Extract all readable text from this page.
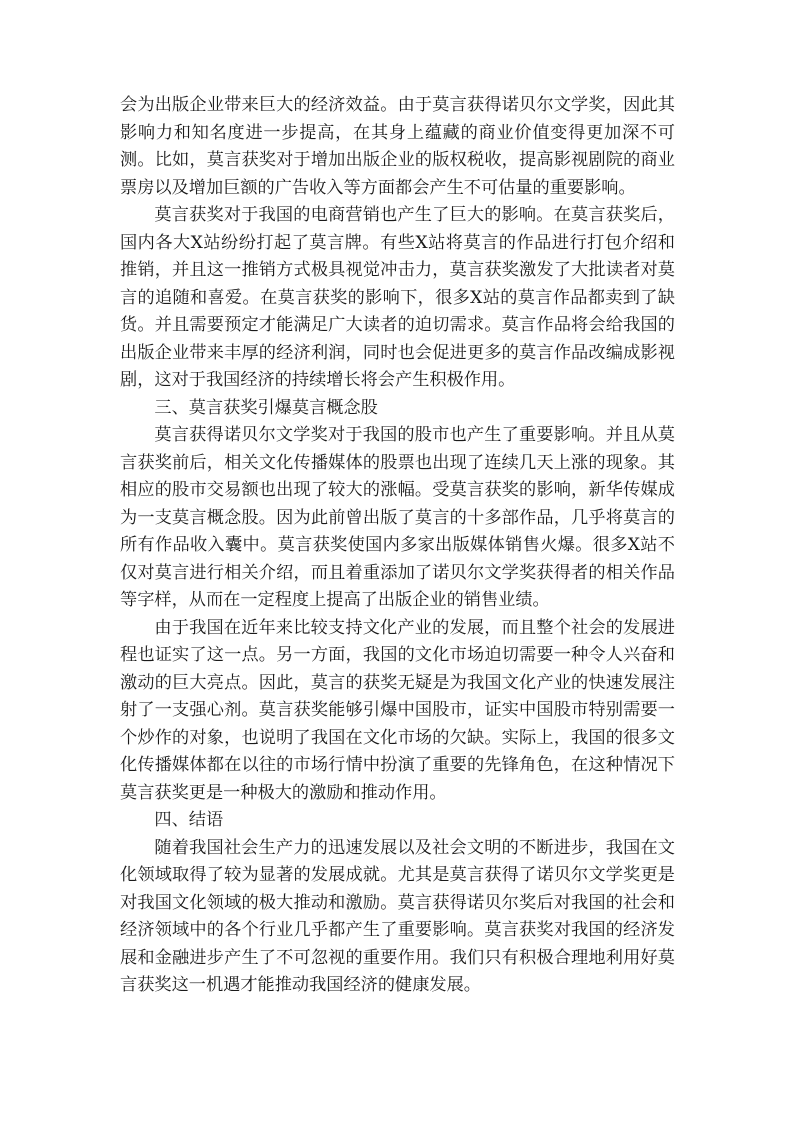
会为出版企业带来巨大的经济效益。由于莫言获得诺贝尔文学奖，因此其影响力和知名度进一步提高，在其身上蕴藏的商业价值变得更加深不可测。比如，莫言获奖对于增加出版企业的版权税收，提高影视剧院的商业票房以及增加巨额的广告收入等方面都会产生不可估量的重要影响。

莫言获奖对于我国的电商营销也产生了巨大的影响。在莫言获奖后，国内各大X站纷纷打起了莫言牌。有些X站将莫言的作品进行打包介绍和推销，并且这一推销方式极具视觉冲击力，莫言获奖激发了大批读者对莫言的追随和喜爱。在莫言获奖的影响下，很多X站的莫言作品都卖到了缺货。并且需要预定才能满足广大读者的迫切需求。莫言作品将会给我国的出版企业带来丰厚的经济利润，同时也会促进更多的莫言作品改编成影视剧，这对于我国经济的持续增长将会产生积极作用。

三、莫言获奖引爆莫言概念股

莫言获得诺贝尔文学奖对于我国的股市也产生了重要影响。并且从莫言获奖前后，相关文化传播媒体的股票也出现了连续几天上涨的现象。其相应的股市交易额也出现了较大的涨幅。受莫言获奖的影响，新华传媒成为一支莫言概念股。因为此前曾出版了莫言的十多部作品，几乎将莫言的所有作品收入囊中。莫言获奖使国内多家出版媒体销售火爆。很多X站不仅对莫言进行相关介绍，而且着重添加了诺贝尔文学奖获得者的相关作品等字样，从而在一定程度上提高了出版企业的销售业绩。

由于我国在近年来比较支持文化产业的发展，而且整个社会的发展进程也证实了这一点。另一方面，我国的文化市场迫切需要一种令人兴奋和激动的巨大亮点。因此，莫言的获奖无疑是为我国文化产业的快速发展注射了一支强心剂。莫言获奖能够引爆中国股市，证实中国股市特别需要一个炒作的对象，也说明了我国在文化市场的欠缺。实际上，我国的很多文化传播媒体都在以往的市场行情中扮演了重要的先锋角色，在这种情况下莫言获奖更是一种极大的激励和推动作用。

四、结语

随着我国社会生产力的迅速发展以及社会文明的不断进步，我国在文化领域取得了较为显著的发展成就。尤其是莫言获得了诺贝尔文学奖更是对我国文化领域的极大推动和激励。莫言获得诺贝尔奖后对我国的社会和经济领域中的各个行业几乎都产生了重要影响。莫言获奖对我国的经济发展和金融进步产生了不可忽视的重要作用。我们只有积极合理地利用好莫言获奖这一机遇才能推动我国经济的健康发展。
